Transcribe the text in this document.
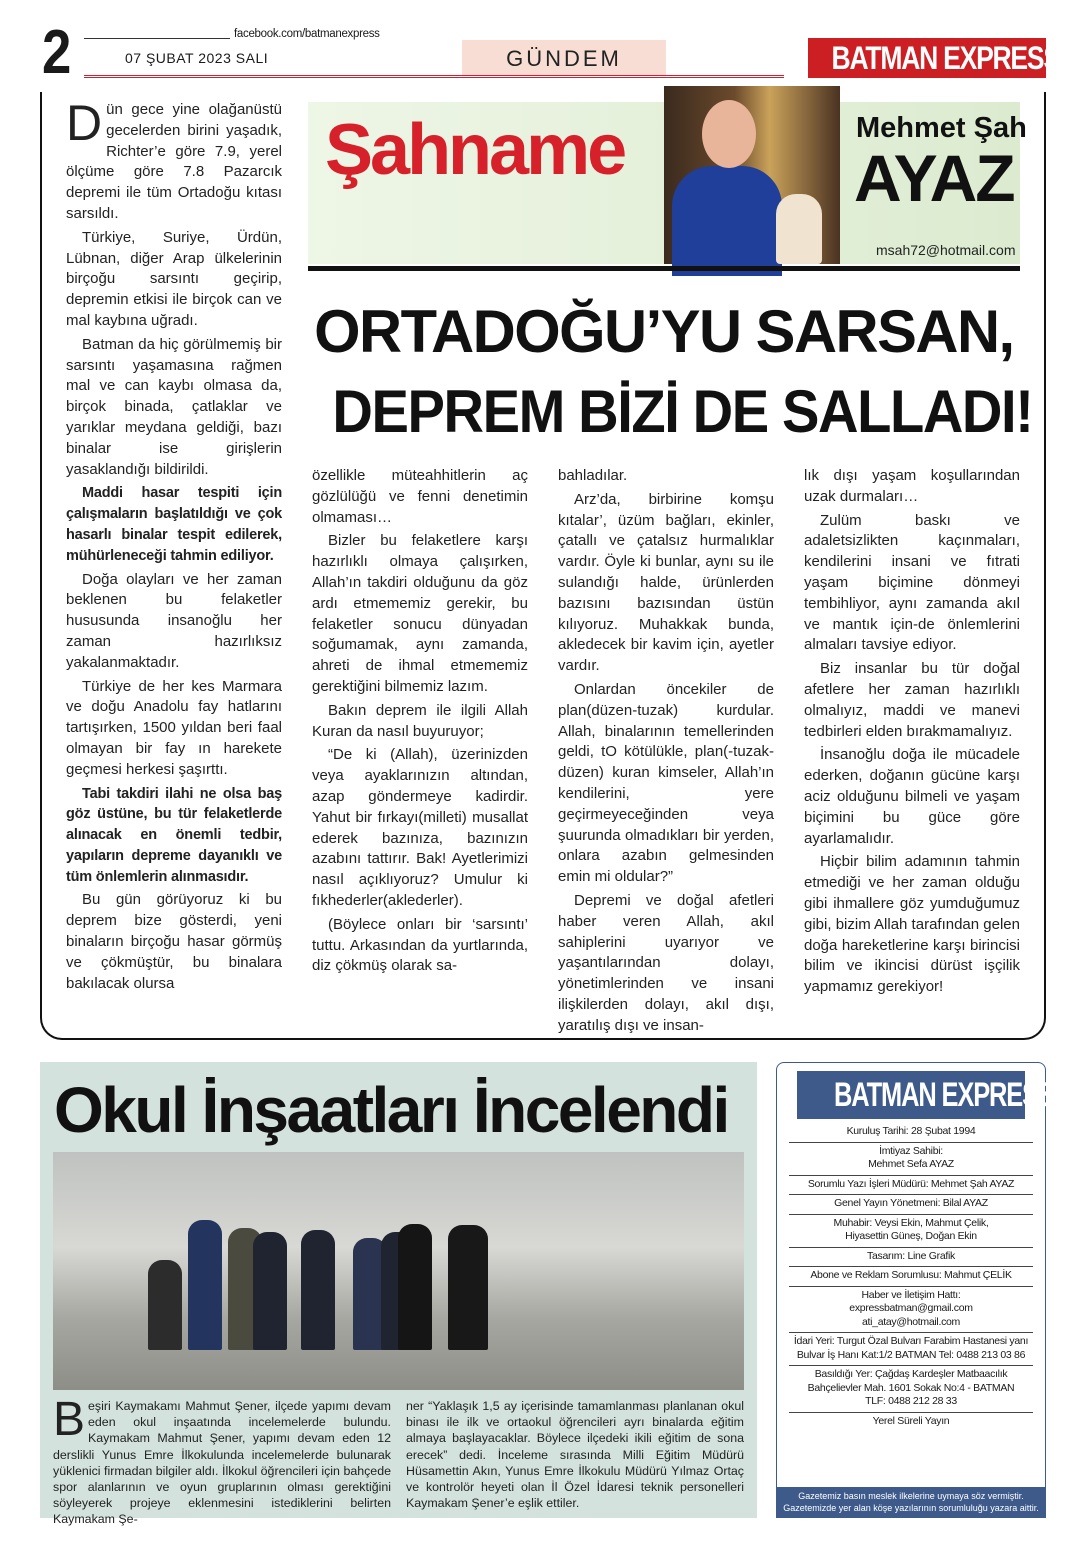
2	facebook.com/batmanexpress
07 ŞUBAT 2023 SALI	GÜNDEM	BATMAN EXPRESS

Dün gece yine olağanüstü gecelerden birini yaşadık, Richter’e göre 7.9, yerel ölçüme göre 7.8 Pazarcık depremi ile tüm Ortadoğu kıtası sarsıldı.

Türkiye, Suriye, Ürdün, Lübnan, diğer Arap ülkelerinin birçoğu sarsıntı geçirip, depremin etkisi ile birçok can ve mal kaybına uğradı.

Batman da hiç görülmemiş bir sarsıntı yaşamasına rağmen mal ve can kaybı olmasa da, birçok binada, çatlaklar ve yarıklar meydana geldiği, bazı binalar ise girişlerin yasaklandığı bildirildi.

Maddi hasar tespiti için çalışmaların başlatıldığı ve çok hasarlı binalar tespit edilerek, mühürleneceği tahmin ediliyor.

Doğa olayları ve her zaman beklenen bu felaketler hususunda insanoğlu her zaman hazırlıksız yakalanmaktadır.

Türkiye de her kes Marmara ve doğu Anadolu fay hatlarını tartışırken, 1500 yıldan beri faal olmayan bir fay ın harekete geçmesi herkesi şaşırttı.

Tabi takdiri ilahi ne olsa baş göz üstüne, bu tür felaketlerde alınacak en önemli tedbir, yapıların depreme dayanıklı ve tüm önlemlerin alınmasıdır.

Bu gün görüyoruz ki bu deprem bize gösterdi, yeni binaların birçoğu hasar görmüş ve çökmüştür, bu binalara bakılacak olursa

Şahname	Mehmet Şah
AYAZ
msah72@hotmail.com
ORTADOĞU’YU SARSAN,
DEPREM BİZİ DE SALLADI!

özellikle müteahhitlerin aç gözlülüğü ve fenni denetimin olmaması…

Bizler bu felaketlere karşı hazırlıklı olmaya çalışırken, Allah’ın takdiri olduğunu da göz ardı etmememiz gerekir, bu felaketler sonucu dünyadan soğumamak, aynı zamanda, ahreti de ihmal etmememiz gerektiğini bilmemiz lazım.

Bakın deprem ile ilgili Allah Kuran da nasıl buyuruyor;

“De ki (Allah), üzerinizden veya ayaklarınızın altından, azap göndermeye kadirdir. Yahut bir fırkayı(milleti) musallat ederek bazınıza, bazınızın azabını tattırır. Bak! Ayetlerimizi nasıl açıklıyoruz? Umulur ki fıkhederler(aklederler).

(Böylece onları bir ‘sarsıntı’ tuttu. Arkasından da yurtlarında, diz çökmüş olarak sa-

bahladılar.

Arz’da, birbirine komşu kıtalar’, üzüm bağları, ekinler, çatallı ve çatalsız hurmalıklar vardır. Öyle ki bunlar, aynı su ile sulandığı halde, ürünlerden bazısını bazısından üstün kılıyoruz. Muhakkak bunda, akledecek bir kavim için, ayetler vardır.

Onlardan öncekiler de plan(düzen-tuzak) kurdular. Allah, binalarının temellerinden geldi, tO kötülükle, plan(-tuzak-düzen) kuran kimseler, Allah’ın kendilerini, yere geçirmeyeceğinden veya şuurunda olmadıkları bir yerden, onlara azabın gelmesinden emin mi oldular?”

Depremi ve doğal afetleri haber veren Allah, akıl sahiplerini uyarıyor ve yaşantılarından dolayı, yönetimlerinden ve insani ilişkilerden dolayı, akıl dışı, yaratılış dışı ve insan-

lık dışı yaşam koşullarından uzak durmaları…

Zulüm baskı ve adaletsizlikten kaçınmaları, kendilerini insani ve fıtrati yaşam biçimine dönmeyi tembihliyor, aynı zamanda akıl ve mantık için-de önlemlerini almaları tavsiye ediyor.

Biz insanlar bu tür doğal afetlere her zaman hazırlıklı olmalıyız, maddi ve manevi tedbirleri elden bırakmamalıyız.

İnsanoğlu doğa ile mücadele ederken, doğanın gücüne karşı aciz olduğunu bilmeli ve yaşam biçimini bu güce göre ayarlamalıdır.

Hiçbir bilim adamının tahmin etmediği ve her zaman olduğu gibi ihmallere göz yumduğumuz gibi, bizim Allah tarafından gelen doğa hareketlerine karşı birincisi bilim ve ikincisi dürüst işçilik yapmamız gerekiyor!

Okul İnşaatları İncelendi
Beşiri Kaymakamı Mahmut Şener, ilçede yapımı devam eden okul inşaatında incelemelerde bulundu. Kaymakam Mahmut Şener, yapımı devam eden 12 derslikli Yunus Emre İlkokulunda incelemelerde bulunarak yüklenici firmadan bilgiler aldı. İlkokul öğrencileri için bahçede spor alanlarının ve oyun gruplarının olması gerektiğini söyleyerek projeye eklenmesini istediklerini belirten Kaymakam Şe-
ner “Yaklaşık 1,5 ay içerisinde tamamlanması planlanan okul binası ile ilk ve ortaokul öğrencileri ayrı binalarda eğitim almaya başlayacaklar. Böylece ilçedeki ikili eğitim de sona erecek” dedi. İnceleme sırasında Milli Eğitim Müdürü Hüsamettin Akın, Yunus Emre İlkokulu Müdürü Yılmaz Ortaç ve kontrolör heyeti olan İl Özel İdaresi teknik personelleri Kaymakam Şener’e eşlik ettiler.
BATMAN EXPRESS
Kuruluş Tarihi: 28 Şubat 1994
İmtiyaz Sahibi:
Mehmet Sefa AYAZ
Sorumlu Yazı İşleri Müdürü: Mehmet Şah AYAZ
Genel Yayın Yönetmeni: Bilal AYAZ
Muhabir: Veysi Ekin, Mahmut Çelik,
Hiyasettin Güneş, Doğan Ekin
Tasarım: Line Grafik
Abone ve Reklam Sorumlusu: Mahmut ÇELİK
Haber ve İletişim Hattı:
expressbatman@gmail.com
ati_atay@hotmail.com
İdari Yeri: Turgut Özal Bulvarı Farabim Hastanesi yanı
Bulvar İş Hanı Kat:1/2 BATMAN Tel: 0488 213 03 86
Basıldığı Yer: Çağdaş Kardeşler Matbaacılık
Bahçelievler Mah. 1601 Sokak No:4 - BATMAN
TLF: 0488 212 28 33
Yerel Süreli Yayın
Gazetemiz basın meslek ilkelerine uymaya söz vermiştir.
Gazetemizde yer alan köşe yazılarının sorumluluğu yazara aittir.
